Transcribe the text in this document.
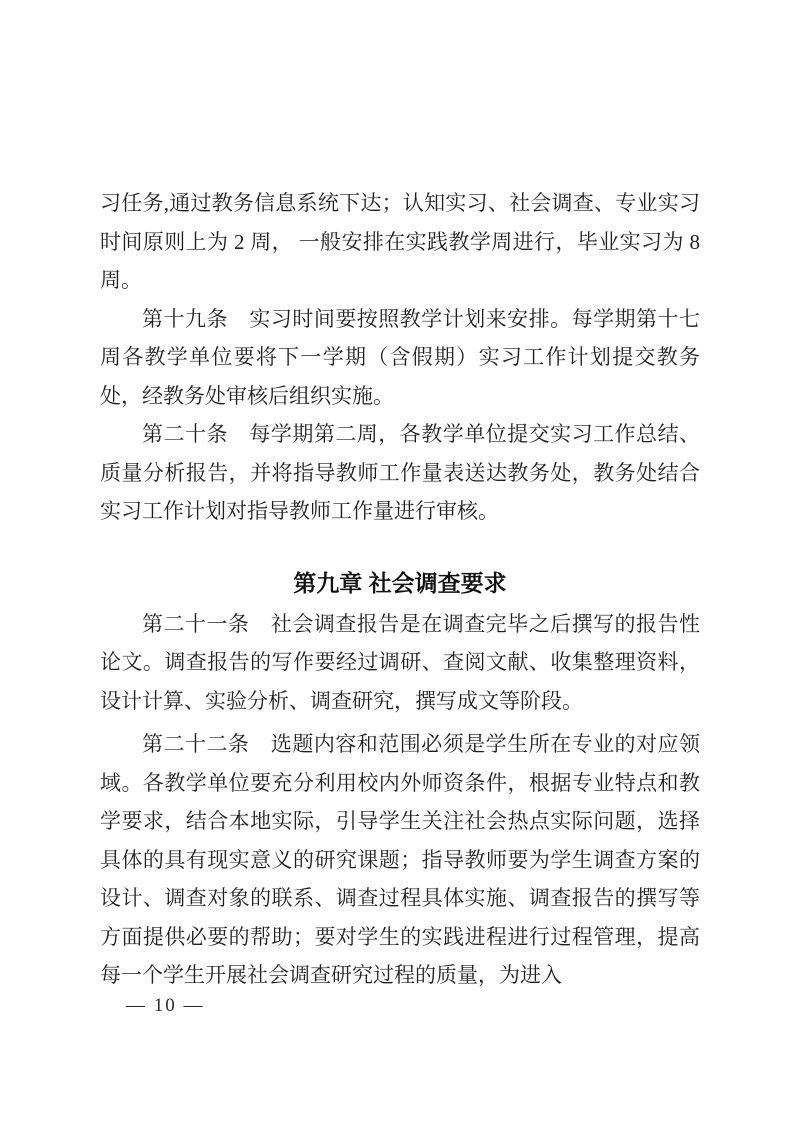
习任务,通过教务信息系统下达；认知实习、社会调查、专业实习时间原则上为 2 周， 一般安排在实践教学周进行，毕业实习为 8 周。

第十九条　实习时间要按照教学计划来安排。每学期第十七周各教学单位要将下一学期（含假期）实习工作计划提交教务处，经教务处审核后组织实施。

第二十条　每学期第二周，各教学单位提交实习工作总结、质量分析报告，并将指导教师工作量表送达教务处，教务处结合实习工作计划对指导教师工作量进行审核。

第九章 社会调查要求

第二十一条　社会调查报告是在调查完毕之后撰写的报告性论文。调查报告的写作要经过调研、查阅文献、收集整理资料，设计计算、实验分析、调查研究，撰写成文等阶段。

第二十二条　选题内容和范围必须是学生所在专业的对应领域。各教学单位要充分利用校内外师资条件，根据专业特点和教学要求，结合本地实际，引导学生关注社会热点实际问题，选择具体的具有现实意义的研究课题；指导教师要为学生调查方案的设计、调查对象的联系、调查过程具体实施、调查报告的撰写等方面提供必要的帮助；要对学生的实践进程进行过程管理，提高每一个学生开展社会调查研究过程的质量，为进入

— 10 —
